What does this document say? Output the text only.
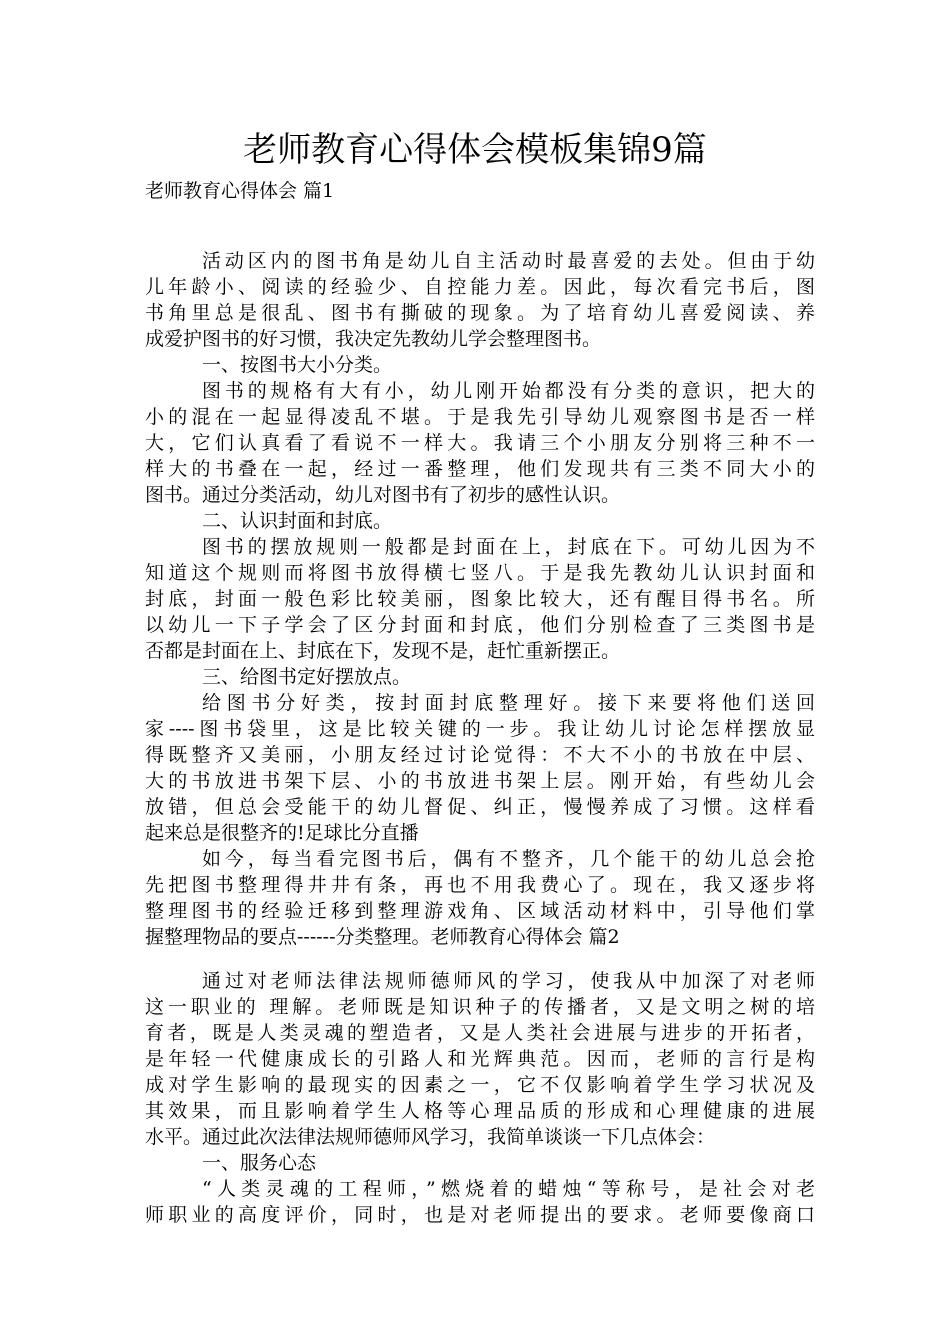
老师教育心得体会模板集锦9篇
老师教育心得体会 篇1
活动区内的图书角是幼儿自主活动时最喜爱的去处。但由于幼
儿年龄小、阅读的经验少、自控能力差。因此，每次看完书后，图
书角里总是很乱、图书有撕破的现象。为了培育幼儿喜爱阅读、养
成爱护图书的好习惯，我决定先教幼儿学会整理图书。
一、按图书大小分类。
图书的规格有大有小，幼儿刚开始都没有分类的意识，把大的
小的混在一起显得凌乱不堪。于是我先引导幼儿观察图书是否一样
大，它们认真看了看说不一样大。我请三个小朋友分别将三种不一
样大的书叠在一起，经过一番整理，他们发现共有三类不同大小的
图书。通过分类活动，幼儿对图书有了初步的感性认识。
二、认识封面和封底。
图书的摆放规则一般都是封面在上，封底在下。可幼儿因为不
知道这个规则而将图书放得横七竖八。于是我先教幼儿认识封面和
封底，封面一般色彩比较美丽，图象比较大，还有醒目得书名。所
以幼儿一下子学会了区分封面和封底，他们分别检查了三类图书是
否都是封面在上、封底在下，发现不是，赶忙重新摆正。
三、给图书定好摆放点。
给图书分好类，按封面封底整理好。接下来要将他们送回
家----图书袋里，这是比较关键的一步。我让幼儿讨论怎样摆放显
得既整齐又美丽，小朋友经过讨论觉得：不大不小的书放在中层、
大的书放进书架下层、小的书放进书架上层。刚开始，有些幼儿会
放错，但总会受能干的幼儿督促、纠正，慢慢养成了习惯。这样看
起来总是很整齐的!足球比分直播
如今，每当看完图书后，偶有不整齐，几个能干的幼儿总会抢
先把图书整理得井井有条，再也不用我费心了。现在，我又逐步将
整理图书的经验迁移到整理游戏角、区域活动材料中，引导他们掌
握整理物品的要点------分类整理。老师教育心得体会 篇2
通过对老师法律法规师德师风的学习，使我从中加深了对老师
这一职业的 理解。老师既是知识种子的传播者，又是文明之树的培
育者，既是人类灵魂的塑造者，又是人类社会进展与进步的开拓者，
是年轻一代健康成长的引路人和光辉典范。因而，老师的言行是构
成对学生影响的最现实的因素之一，它不仅影响着学生学习状况及
其效果，而且影响着学生人格等心理品质的形成和心理健康的进展
水平。通过此次法律法规师德师风学习，我简单谈谈一下几点体会：
一、服务心态
“人类灵魂的工程师，”燃烧着的蜡烛“等称号，是社会对老
师职业的高度评价，同时，也是对老师提出的要求。老师要像商口
